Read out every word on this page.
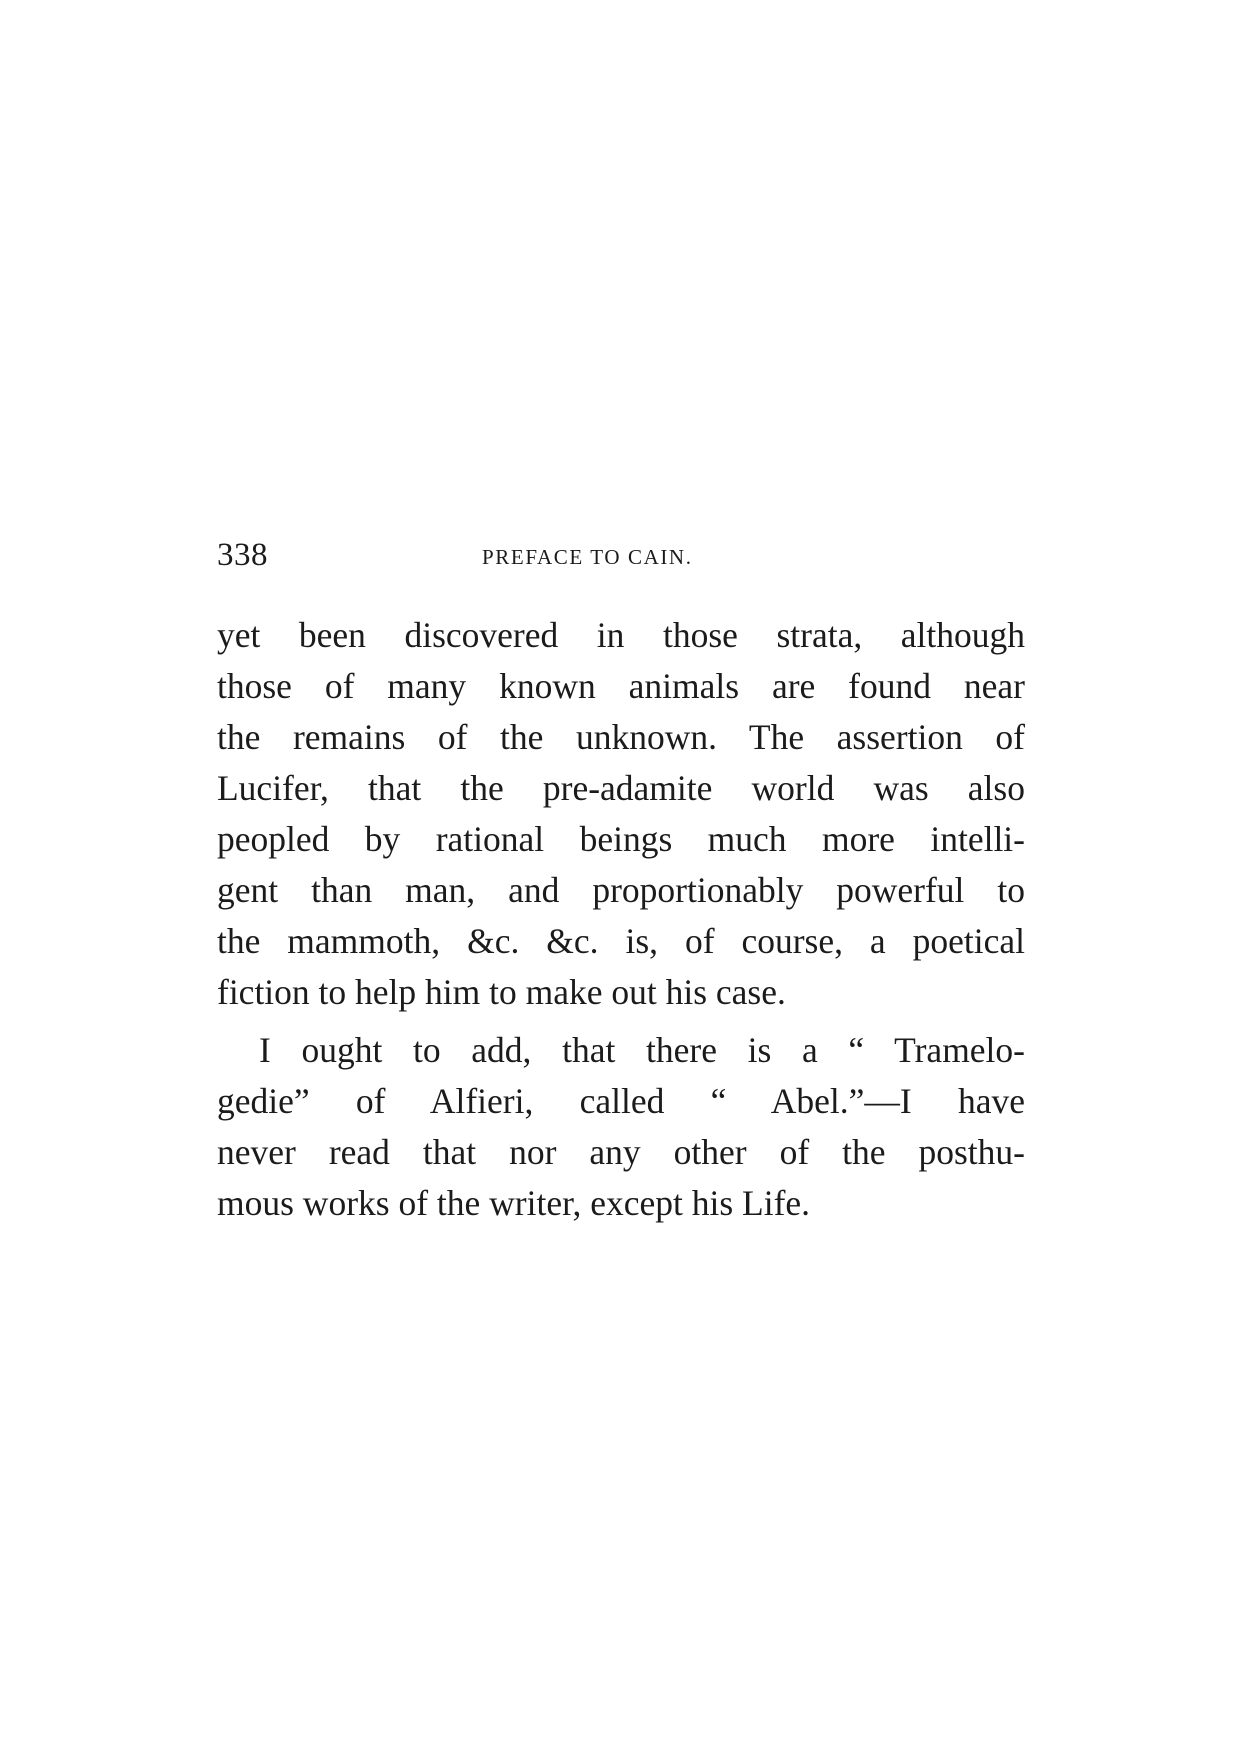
338	PREFACE TO CAIN.
yet been discovered in those strata, although
those of many known animals are found near
the remains of the unknown. The assertion of
Lucifer, that the pre-adamite world was also
peopled by rational beings much more intelli-
gent than man, and proportionably powerful to
the mammoth, &c. &c. is, of course, a poetical
fiction to help him to make out his case.
I ought to add, that there is a “ Tramelo-
gedie” of Alfieri, called “ Abel.”—I have
never read that nor any other of the posthu-
mous works of the writer, except his Life.
